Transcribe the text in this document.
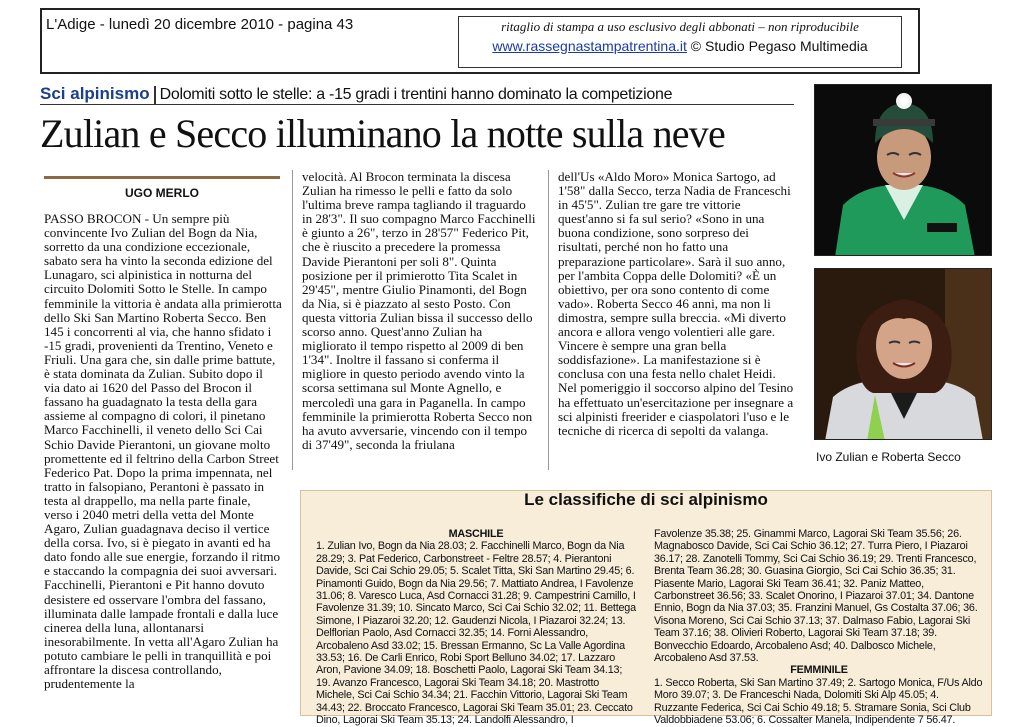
L'Adige - lunedì 20 dicembre 2010 - pagina 43	ritaglio di stampa a uso esclusivo degli abbonati – non riproducibile
www.rassegnastampatrentina.it © Studio Pegaso Multimedia
Sci alpinismo Dolomiti sotto le stelle: a -15 gradi i trentini hanno dominato la competizione
Zulian e Secco illuminano la notte sulla neve
UGO MERLO
PASSO BROCON - Un sempre più convincente Ivo Zulian del Bogn da Nia, sorretto da una condizione eccezionale, sabato sera ha vinto la seconda edizione del Lunagaro, sci alpinistica in notturna del circuito Dolomiti Sotto le Stelle. In campo femminile la vittoria è andata alla primierotta dello Ski San Martino Roberta Secco. Ben 145 i concorrenti al via, che hanno sfidato i -15 gradi, provenienti da Trentino, Veneto e Friuli. Una gara che, sin dalle prime battute, è stata dominata da Zulian. Subito dopo il via dato ai 1620 del Passo del Brocon il fassano ha guadagnato la testa della gara assieme al compagno di colori, il pinetano Marco Facchinelli, il veneto dello Sci Cai Schio Davide Pierantoni, un giovane molto promettente ed il feltrino della Carbon Street Federico Pat. Dopo la prima impennata, nel tratto in falsopiano, Perantoni è passato in testa al drappello, ma nella parte finale, verso i 2040 metri della vetta del Monte Agaro, Zulian guadagnava deciso il vertice della corsa. Ivo, si è piegato in avanti ed ha dato fondo alle sue energie, forzando il ritmo e staccando la compagnia dei suoi avversari. Facchinelli, Pierantoni e Pit hanno dovuto desistere ed osservare l'ombra del fassano, illuminata dalle lampade frontali e dalla luce cinerea della luna, allontanarsi inesorabilmente. In vetta all'Agaro Zulian ha potuto cambiare le pelli in tranquillità e poi affrontare la discesa controllando, prudentemente la
velocità. Al Brocon terminata la discesa Zulian ha rimesso le pelli e fatto da solo l'ultima breve rampa tagliando il traguardo in 28'3". Il suo compagno Marco Facchinelli è giunto a 26", terzo in 28'57" Federico Pit, che è riuscito a precedere la promessa Davide Pierantoni per soli 8". Quinta posizione per il primierotto Tita Scalet in 29'45", mentre Giulio Pinamonti, del Bogn da Nia, si è piazzato al sesto Posto. Con questa vittoria Zulian bissa il successo dello scorso anno. Quest'anno Zulian ha migliorato il tempo rispetto al 2009 di ben 1'34". Inoltre il fassano si conferma il migliore in questo periodo avendo vinto la scorsa settimana sul Monte Agnello, e mercoledì una gara in Paganella. In campo femminile la primierotta Roberta Secco non ha avuto avversarie, vincendo con il tempo di 37'49", seconda la friulana
dell'Us «Aldo Moro» Monica Sartogo, ad 1'58" dalla Secco, terza Nadia de Franceschi in 45'5". Zulian tre gare tre vittorie quest'anno si fa sul serio? «Sono in una buona condizione, sono sorpreso dei risultati, perché non ho fatto una preparazione particolare». Sarà il suo anno, per l'ambita Coppa delle Dolomiti? «È un obiettivo, per ora sono contento di come vado». Roberta Secco 46 anni, ma non li dimostra, sempre sulla breccia. «Mi diverto ancora e allora vengo volentieri alle gare. Vincere è sempre una gran bella soddisfazione». La manifestazione si è conclusa con una festa nello chalet Heidi. Nel pomeriggio il soccorso alpino del Tesino ha effettuato un'esercitazione per insegnare a sci alpinisti freerider e ciaspolatori l'uso e le tecniche di ricerca di sepolti da valanga.
Ivo Zulian e Roberta Secco
Le classifiche di sci alpinismo
MASCHILE
1. Zulian Ivo, Bogn da Nia 28.03; 2. Facchinelli Marco, Bogn da Nia 28.29; 3. Pat Federico, Carbonstreet - Feltre 28.57; 4. Pierantoni Davide, Sci Cai Schio 29.05; 5. Scalet Titta, Ski San Martino 29.45; 6. Pinamonti Guido, Bogn da Nia 29.56; 7. Mattiato Andrea, I Favolenze 31.06; 8. Varesco Luca, Asd Cornacci 31.28; 9. Campestrini Camillo, I Favolenze 31.39; 10. Sincato Marco, Sci Cai Schio 32.02; 11. Bettega Simone, I Piazaroi 32.20; 12. Gaudenzi Nicola, I Piazaroi 32.24; 13. Delflorian Paolo, Asd Cornacci 32.35; 14. Forni Alessandro, Arcobaleno Asd 33.02; 15. Bressan Ermanno, Sc La Valle Agordina 33.53; 16. De Carli Enrico, Robi Sport Belluno 34.02; 17. Lazzaro Aron, Pavione 34.09; 18. Boschetti Paolo, Lagorai Ski Team 34.13; 19. Avanzo Francesco, Lagorai Ski Team 34.18; 20. Mastrotto Michele, Sci Cai Schio 34.34; 21. Facchin Vittorio, Lagorai Ski Team 34.43; 22. Broccato Francesco, Lagorai Ski Team 35.01; 23. Ceccato Dino, Lagorai Ski Team 35.13; 24. Landolfi Alessandro, I
Favolenze 35.38; 25. Ginammi Marco, Lagorai Ski Team 35.56; 26. Magnabosco Davide, Sci Cai Schio 36.12; 27. Turra Piero, I Piazaroi 36.17; 28. Zanotelli Tommy, Sci Cai Schio 36.19; 29. Trenti Francesco, Brenta Team 36.28; 30. Guasina Giorgio, Sci Cai Schio 36.35; 31. Piasente Mario, Lagorai Ski Team 36.41; 32. Paniz Matteo, Carbonstreet 36.56; 33. Scalet Onorino, I Piazaroi 37.01; 34. Dantone Ennio, Bogn da Nia 37.03; 35. Franzini Manuel, Gs Costalta 37.06; 36. Visona Moreno, Sci Cai Schio 37.13; 37. Dalmaso Fabio, Lagorai Ski Team 37.16; 38. Olivieri Roberto, Lagorai Ski Team 37.18; 39. Bonvecchio Edoardo, Arcobaleno Asd; 40. Dalbosco Michele, Arcobaleno Asd 37.53.
FEMMINILE
1. Secco Roberta, Ski San Martino 37.49; 2. Sartogo Monica, F/Us Aldo Moro 39.07; 3. De Franceschi Nada, Dolomiti Ski Alp 45.05; 4. Ruzzante Federica, Sci Cai Schio 49.18; 5. Stramare Sonia, Sci Club Valdobbiadene 53.06; 6. Cossalter Manela, Indipendente 7 56.47.
